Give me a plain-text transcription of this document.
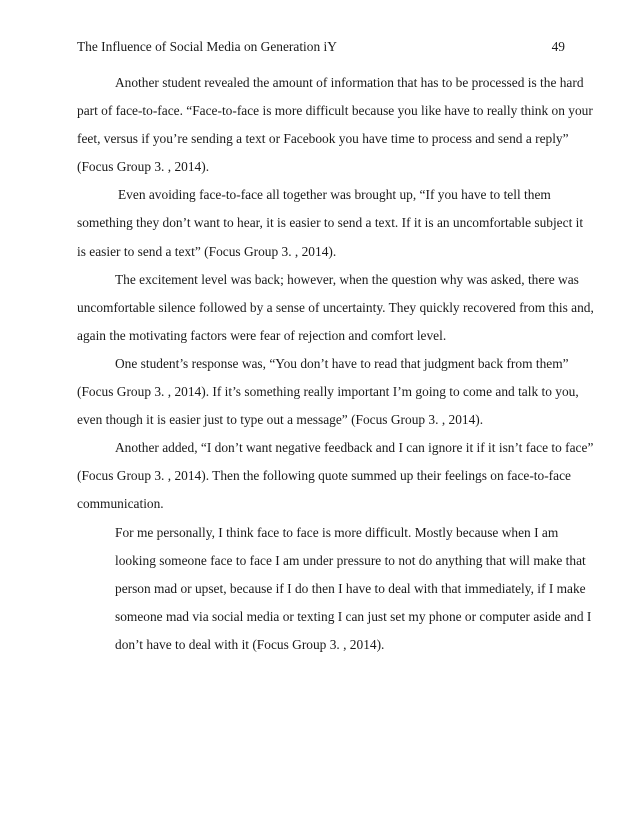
The Influence of Social Media on Generation iY	49

Another student revealed the amount of information that has to be processed is the hard
part of face-to-face. “Face-to-face is more difficult because you like have to really think on your
feet, versus if you’re sending a text or Facebook you have time to process and send a reply”
(Focus Group 3. , 2014).

Even avoiding face-to-face all together was brought up, “If you have to tell them
something they don’t want to hear, it is easier to send a text. If it is an uncomfortable subject it
is easier to send a text” (Focus Group 3. , 2014).

The excitement level was back; however, when the question why was asked, there was
uncomfortable silence followed by a sense of uncertainty. They quickly recovered from this and,
again the motivating factors were fear of rejection and comfort level.

One student’s response was, “You don’t have to read that judgment back from them”
(Focus Group 3. , 2014). If it’s something really important I’m going to come and talk to you,
even though it is easier just to type out a message” (Focus Group 3. , 2014).

Another added, “I don’t want negative feedback and I can ignore it if it isn’t face to face”
(Focus Group 3. , 2014). Then the following quote summed up their feelings on face-to-face
communication.

For me personally, I think face to face is more difficult. Mostly because when I am
looking someone face to face I am under pressure to not do anything that will make that
person mad or upset, because if I do then I have to deal with that immediately, if I make
someone mad via social media or texting I can just set my phone or computer aside and I
don’t have to deal with it (Focus Group 3. , 2014).
